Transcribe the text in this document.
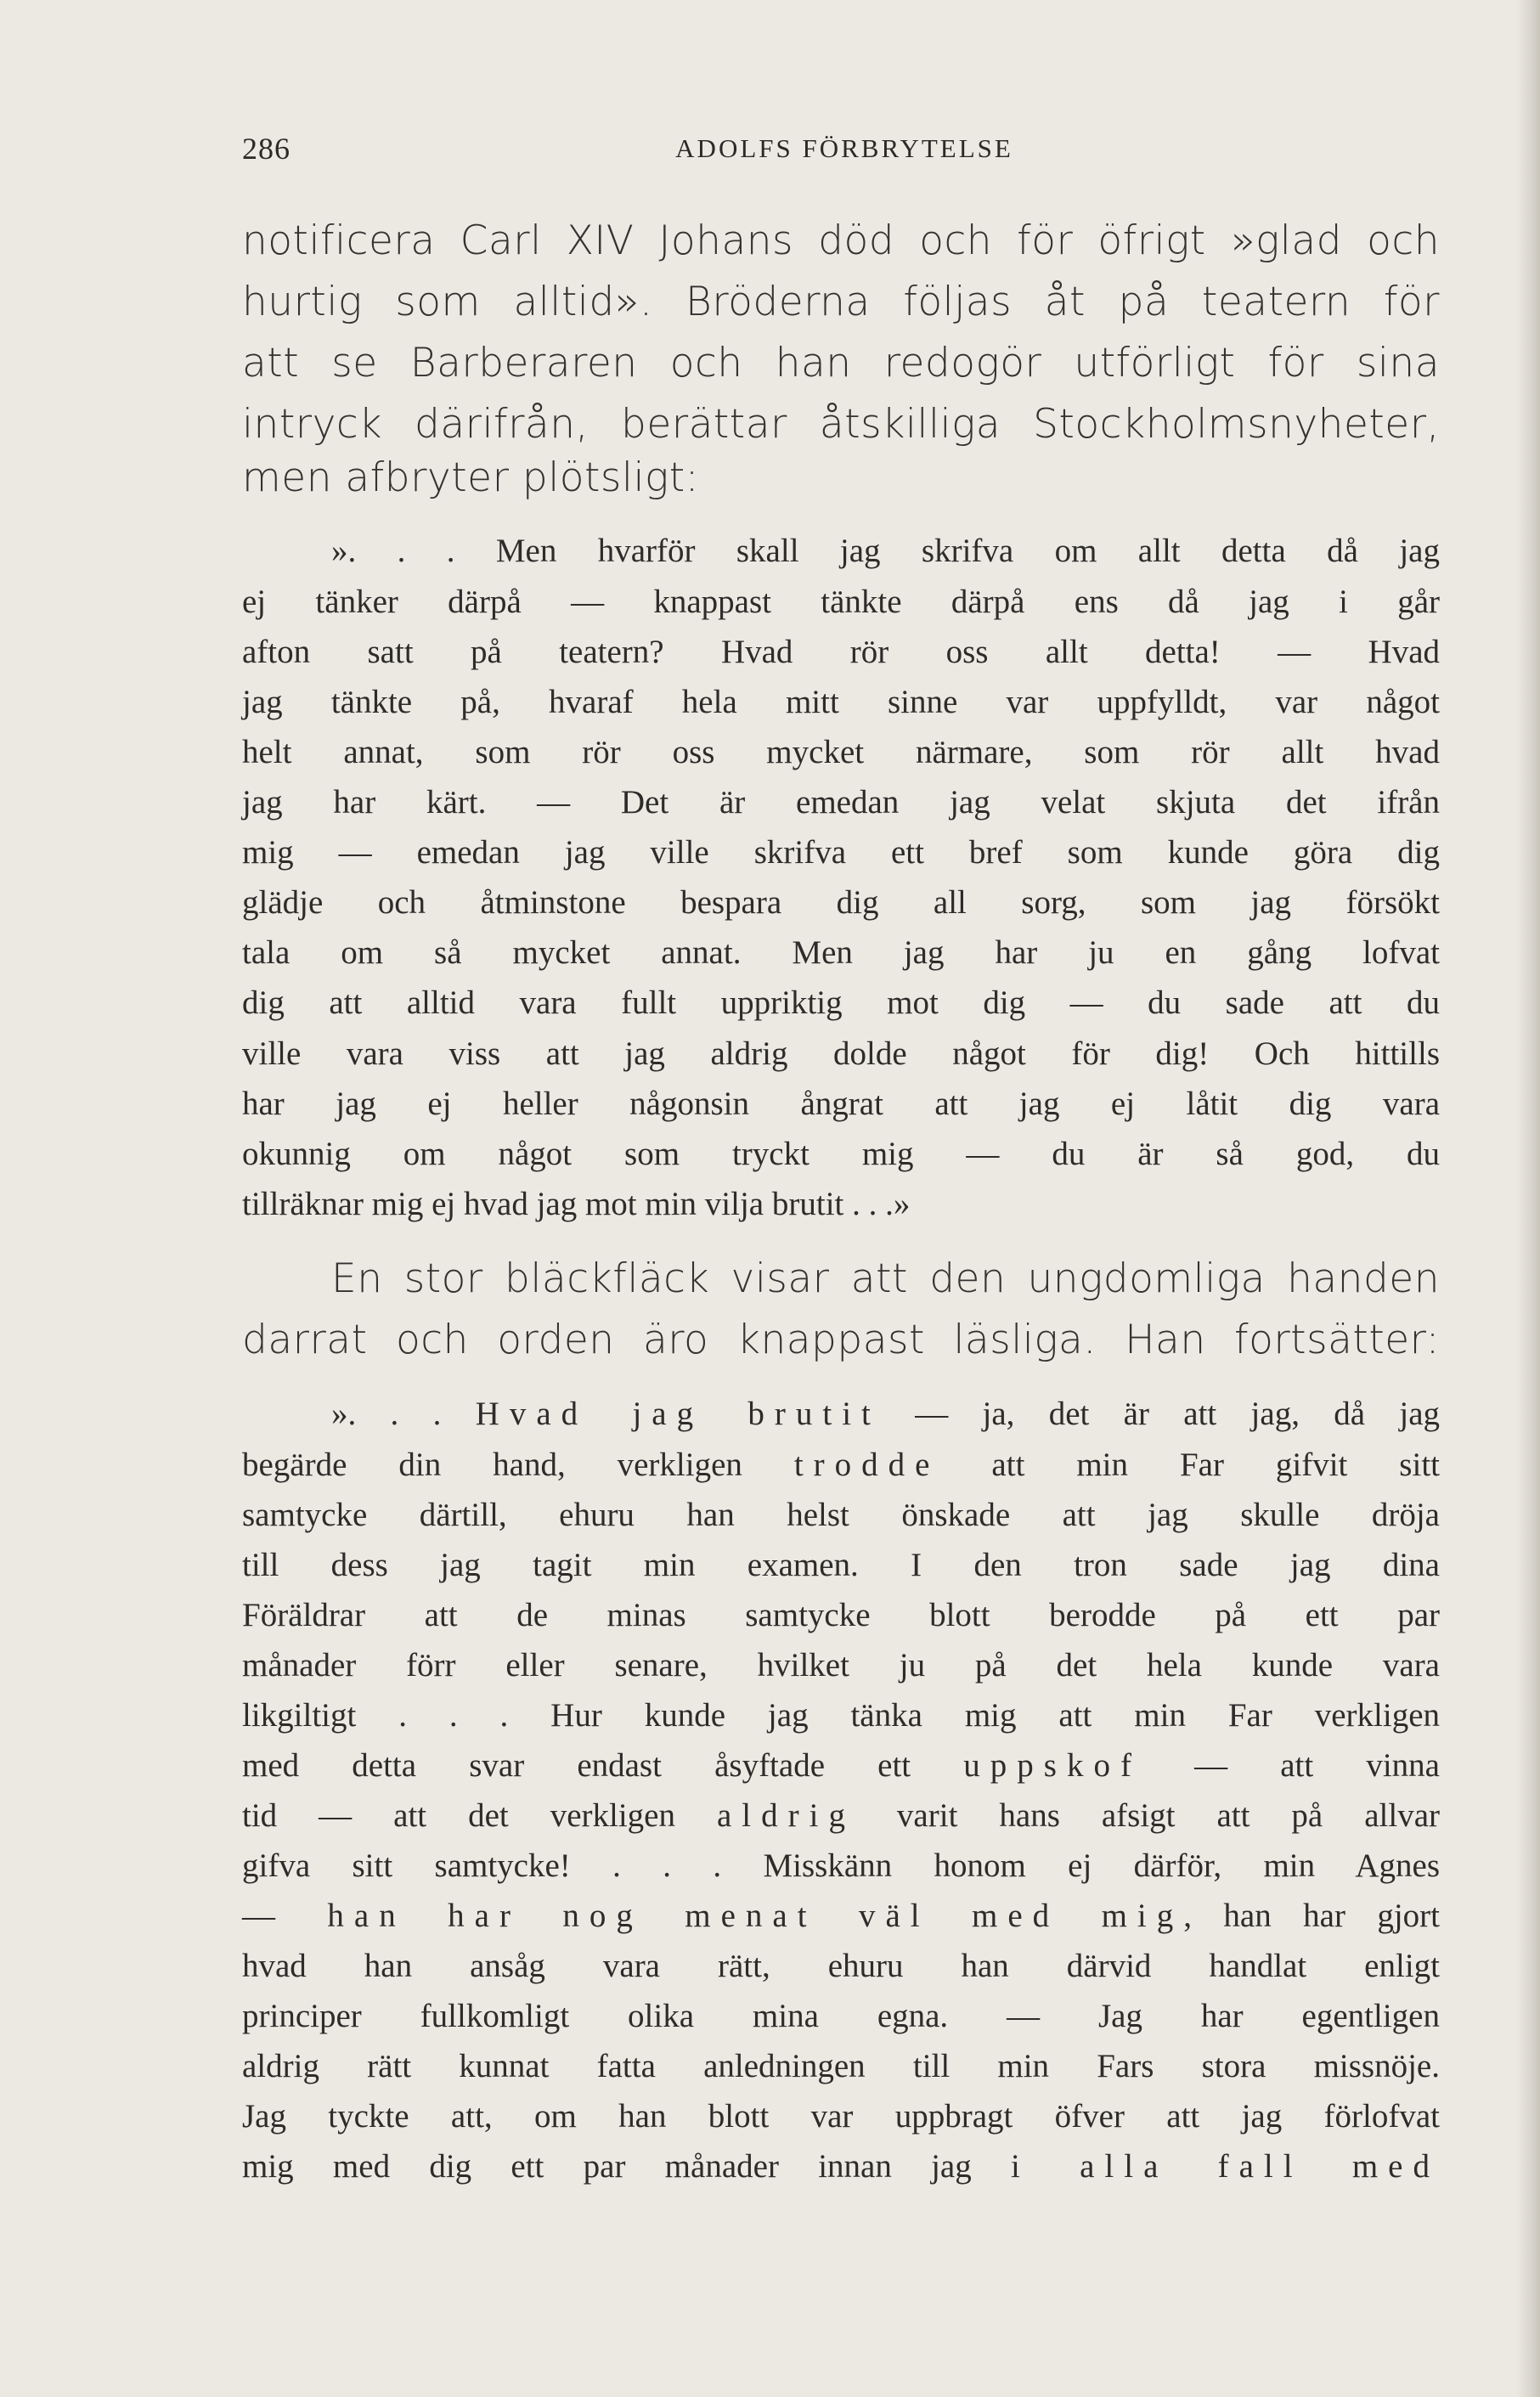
286	ADOLFS FÖRBRYTELSE
notificera Carl XIV Johans död och för öfrigt »glad och
hurtig som alltid». Bröderna följas åt på teatern för
att se Barberaren och han redogör utförligt för sina
intryck därifrån, berättar åtskilliga Stockholmsnyheter,
men afbryter plötsligt:
». . . Men hvarför skall jag skrifva om allt detta då jag
ej tänker därpå — knappast tänkte därpå ens då jag i går
afton satt på teatern? Hvad rör oss allt detta! — Hvad
jag tänkte på, hvaraf hela mitt sinne var uppfylldt, var något
helt annat, som rör oss mycket närmare, som rör allt hvad
jag har kärt. — Det är emedan jag velat skjuta det ifrån
mig — emedan jag ville skrifva ett bref som kunde göra dig
glädje och åtminstone bespara dig all sorg, som jag försökt
tala om så mycket annat. Men jag har ju en gång lofvat
dig att alltid vara fullt uppriktig mot dig — du sade att du
ville vara viss att jag aldrig dolde något för dig! Och hittills
har jag ej heller någonsin ångrat att jag ej låtit dig vara
okunnig om något som tryckt mig — du är så god, du
tillräknar mig ej hvad jag mot min vilja brutit . . .»
En stor bläckfläck visar att den ungdomliga handen
darrat och orden äro knappast läsliga. Han fortsätter:
». . . Hvad jag brutit — ja, det är att jag, då jag
begärde din hand, verkligen trodde att min Far gifvit sitt
samtycke därtill, ehuru han helst önskade att jag skulle dröja
till dess jag tagit min examen. I den tron sade jag dina
Föräldrar att de minas samtycke blott berodde på ett par
månader förr eller senare, hvilket ju på det hela kunde vara
likgiltigt . . . Hur kunde jag tänka mig att min Far verkligen
med detta svar endast åsyftade ett uppskof — att vinna
tid — att det verkligen aldrig varit hans afsigt att på allvar
gifva sitt samtycke! . . . Misskänn honom ej därför, min Agnes
— han har nog menat väl med mig, han har gjort
hvad han ansåg vara rätt, ehuru han därvid handlat enligt
principer fullkomligt olika mina egna. — Jag har egentligen
aldrig rätt kunnat fatta anledningen till min Fars stora missnöje.
Jag tyckte att, om han blott var uppbragt öfver att jag förlofvat
mig med dig ett par månader innan jag i alla fall med
